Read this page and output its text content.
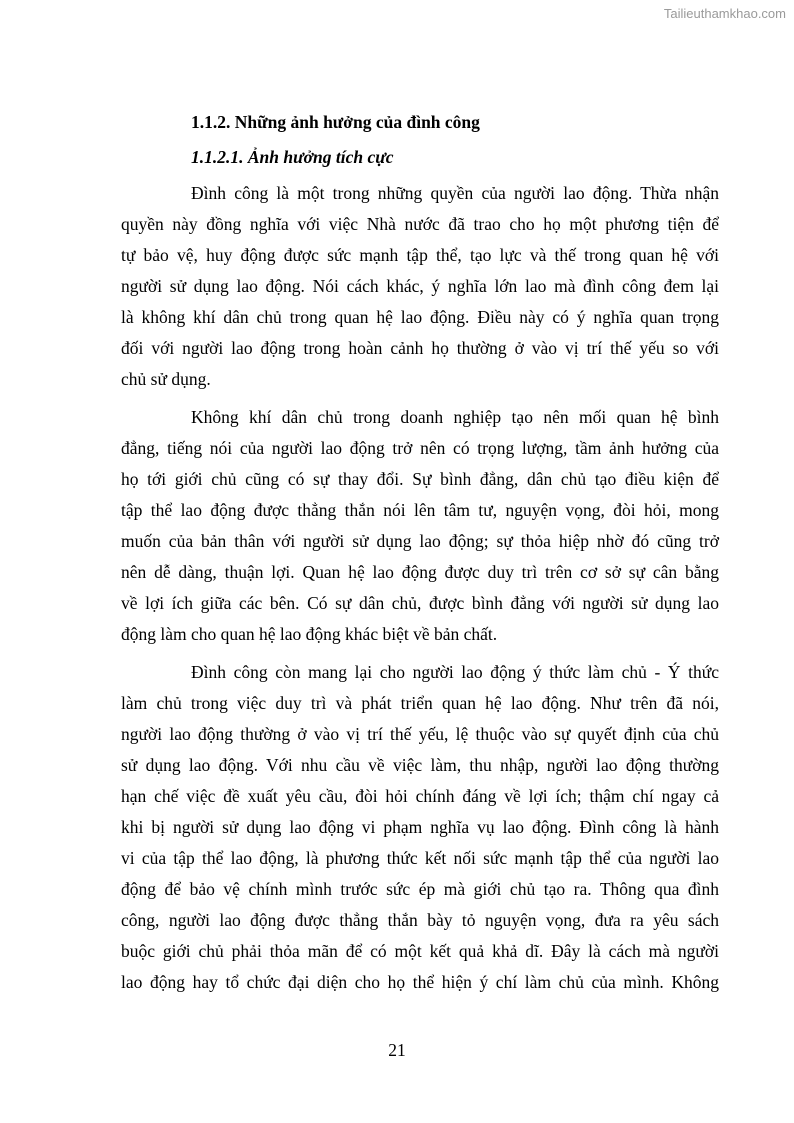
Tailieuthamkhao.com
1.1.2. Những ảnh hưởng của đình công
1.1.2.1. Ảnh hưởng tích cực
Đình công là một trong những quyền của người lao động. Thừa nhận
quyền này đồng nghĩa với việc Nhà nước đã trao cho họ một phương tiện để
tự bảo vệ, huy động được sức mạnh tập thể, tạo lực và thế trong quan hệ với
người sử dụng lao động. Nói cách khác, ý nghĩa lớn lao mà đình công đem lại
là không khí dân chủ trong quan hệ lao động. Điều này có ý nghĩa quan trọng
đối với người lao động trong hoàn cảnh họ thường ở vào vị trí thế yếu so với
chủ sử dụng.
Không khí dân chủ trong doanh nghiệp tạo nên mối quan hệ bình
đẳng, tiếng nói của người lao động trở nên có trọng lượng, tầm ảnh hưởng của
họ tới giới chủ cũng có sự thay đổi. Sự bình đẳng, dân chủ tạo điều kiện để
tập thể lao động được thẳng thắn nói lên tâm tư, nguyện vọng, đòi hỏi, mong
muốn của bản thân với người sử dụng lao động; sự thỏa hiệp nhờ đó cũng trở
nên dễ dàng, thuận lợi. Quan hệ lao động được duy trì trên cơ sở sự cân bằng
về lợi ích giữa các bên. Có sự dân chủ, được bình đẳng với người sử dụng lao
động làm cho quan hệ lao động khác biệt về bản chất.
Đình công còn mang lại cho người lao động ý thức làm chủ - Ý thức
làm chủ trong việc duy trì và phát triển quan hệ lao động. Như trên đã nói,
người lao động thường ở vào vị trí thế yếu, lệ thuộc vào sự quyết định của chủ
sử dụng lao động. Với nhu cầu về việc làm, thu nhập, người lao động thường
hạn chế việc đề xuất yêu cầu, đòi hỏi chính đáng về lợi ích; thậm chí ngay cả
khi bị người sử dụng lao động vi phạm nghĩa vụ lao động. Đình công là hành
vi của tập thể lao động, là phương thức kết nối sức mạnh tập thể của người lao
động để bảo vệ chính mình trước sức ép mà giới chủ tạo ra. Thông qua đình
công, người lao động được thẳng thắn bày tỏ nguyện vọng, đưa ra yêu sách
buộc giới chủ phải thỏa mãn để có một kết quả khả dĩ. Đây là cách mà người
lao động hay tổ chức đại diện cho họ thể hiện ý chí làm chủ của mình. Không
21
